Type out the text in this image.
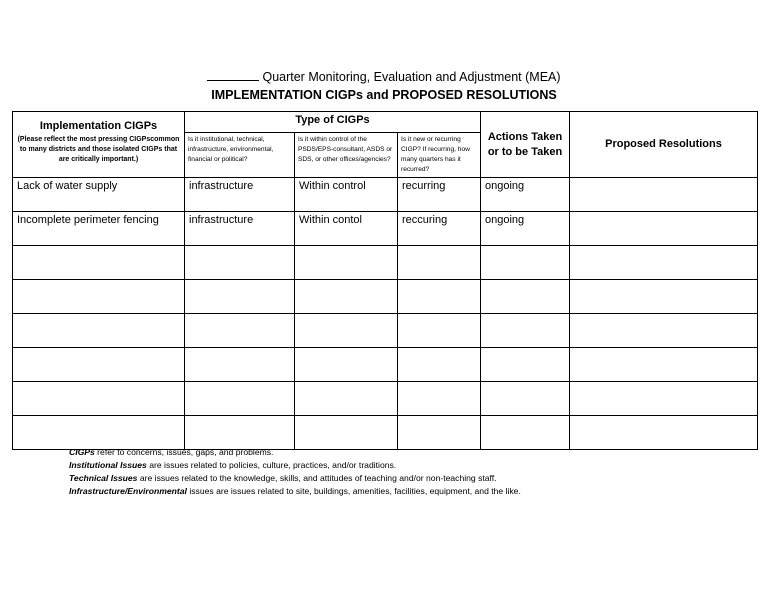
Quarter Monitoring, Evaluation and Adjustment (MEA)
IMPLEMENTATION CIGPs and PROPOSED RESOLUTIONS
Implementation CIGPs
(Please reflect the most pressing CIGPscommon to many districts and those isolated CIGPs that are critically important.)	Type of CIGPs			Actions Taken or to be Taken	Proposed Resolutions
	Is it institutional, technical, infrastructure, environmental, financial or political?	Is it within control of the PSDS/EPS-consultant, ASDS or SDS, or other offices/agencies?	Is it new or recurring CIGP? If recurring, how many quarters has it recurred?		
Lack of water supply	infrastructure	Within control	recurring	ongoing	
Incomplete perimeter fencing	infrastructure	Within contol	reccuring	ongoing	

CIGPs refer to concerns, issues, gaps, and problems.
Institutional Issues are issues related to policies, culture, practices, and/or traditions.
Technical Issues are issues related to the knowledge, skills, and attitudes of teaching and/or non-teaching staff.
Infrastructure/Environmental issues are issues related to site, buildings, amenities, facilities, equipment, and the like.
